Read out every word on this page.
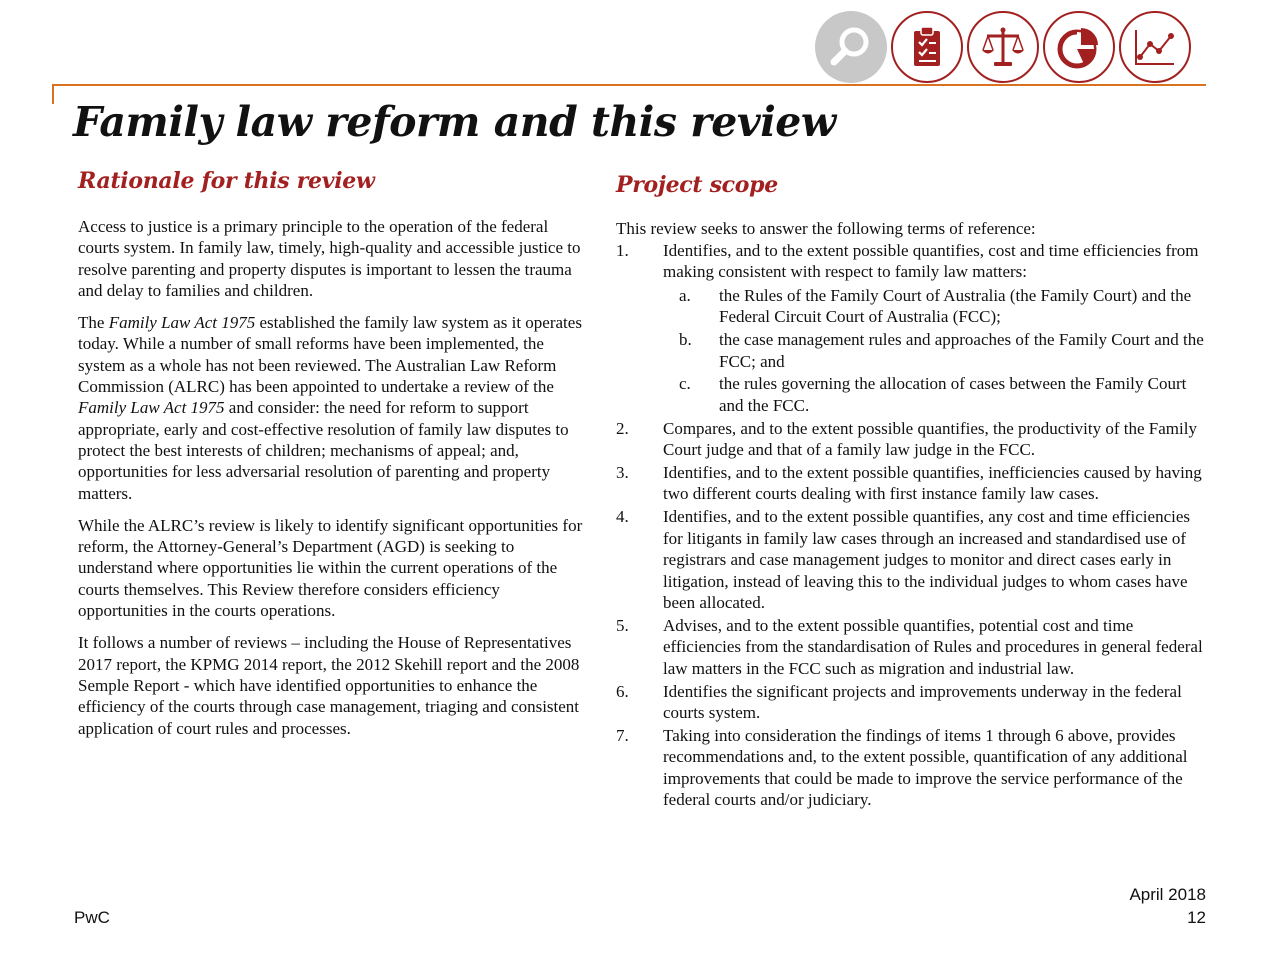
Family law reform and this review
Rationale for this review

Access to justice is a primary principle to the operation of the federal courts system. In family law, timely, high-quality and accessible justice to resolve parenting and property disputes is important to lessen the trauma and delay to families and children.

The Family Law Act 1975 established the family law system as it operates today. While a number of small reforms have been implemented, the system as a whole has not been reviewed. The Australian Law Reform Commission (ALRC) has been appointed to undertake a review of the Family Law Act 1975 and consider: the need for reform to support appropriate, early and cost-effective resolution of family law disputes to protect the best interests of children; mechanisms of appeal; and, opportunities for less adversarial resolution of parenting and property matters.

While the ALRC’s review is likely to identify significant opportunities for reform, the Attorney-General’s Department (AGD) is seeking to understand where opportunities lie within the current operations of the courts themselves. This Review therefore considers efficiency opportunities in the courts operations.

It follows a number of reviews – including the House of Representatives 2017 report, the KPMG 2014 report, the 2012 Skehill report and the 2008 Semple Report - which have identified opportunities to enhance the efficiency of the courts through case management, triaging and consistent application of court rules and processes.

Project scope

This review seeks to answer the following terms of reference:

1. Identifies, and to the extent possible quantifies, cost and time efficiencies from making consistent with respect to family law matters:
a. the Rules of the Family Court of Australia (the Family Court) and the Federal Circuit Court of Australia (FCC);
b. the case management rules and approaches of the Family Court and the FCC; and
c. the rules governing the allocation of cases between the Family Court and the FCC.
2. Compares, and to the extent possible quantifies, the productivity of the Family Court judge and that of a family law judge in the FCC.
3. Identifies, and to the extent possible quantifies, inefficiencies caused by having two different courts dealing with first instance family law cases.
4. Identifies, and to the extent possible quantifies, any cost and time efficiencies for litigants in family law cases through an increased and standardised use of registrars and case management judges to monitor and direct cases early in litigation, instead of leaving this to the individual judges to whom cases have been allocated.
5. Advises, and to the extent possible quantifies, potential cost and time efficiencies from the standardisation of Rules and procedures in general federal law matters in the FCC such as migration and industrial law.
6. Identifies the significant projects and improvements underway in the federal courts system.
7. Taking into consideration the findings of items 1 through 6 above, provides recommendations and, to the extent possible, quantification of any additional improvements that could be made to improve the service performance of the federal courts and/or judiciary.
April 2018
12
PwC
